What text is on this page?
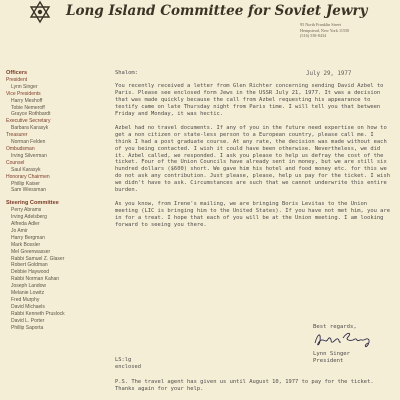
Long Island Committee for Soviet Jewry
95 North Franklin Street
Hempstead, New York 11550
(516) 538-8434
Officers
President
Lynn Singer
Vice Presidents
Harry Meshoff
Tobie Nemeroff
Grayce Rothbardt
Executive Secretary
Barbara Karasyk
Treasurer
Norman Felden
Ombudsman
Irving Silverman
Counsel
Saul Karasyk
Honorary Chairmen
Phillip Kaiser
Sam Wiessman
Steering Committee
Perry Abrams
Irving Adelsberg
Alfreda Adler
Jo Amir
Harry Bergman
Mark Bossler
Mel Greenwasser
Rabbi Samuel Z. Glaser
Robert Goldman
Debbie Haywood
Rabbi Norman Kahan
Joseph Landow
Melanie Lowitz
Fred Murphy
David Michaels
Rabbi Kenneth Pruslock
David L. Porter
Phillip Saporta
July 29, 1977

Shalom:

You recently received a letter from Glen Richter concerning sending David Azbel to Paris. Please see enclosed form Jews in the USSR July 21, 1977. It was a decision that was made quickly because the call from Azbel requesting his appearance to testify came on late Thursday night from Paris time. I will tell you that between Friday and Monday, it was hectic.

Azbel had no travel documents. If any of you in the future need expertise on how to get a non citizen or state-less person to a European country, please call me. I think I had a post graduate course. At any rate, the decision was made without each of you being contacted. I wish it could have been otherwise. Nevertheless, we did it. Azbel called, we responded. I ask you please to help us defray the cost of the ticket. Four of the Union Councils have already sent in money, but we are still six hundred dollars ($600) short. We gave him his hotel and food money etc. for this we do not ask any contribution. Just please, please, help us pay for the ticket. I wish we didn't have to ask. Circumstances are such that we cannot underwrite this entire burden.

As you know, from Irene's mailing, we are bringing Boris Levitas to the Union meeting (LIC is bringing him to the United States). If you have not met him, you are in for a treat. I hope that each of you will be at the Union meeting. I am looking forward to seeing you there.

Best regards,
Lynn Singer
President
LS:lg
enclosed
P.S. The travel agent has given us until August 10, 1977 to pay for the ticket. Thanks again for your help.
